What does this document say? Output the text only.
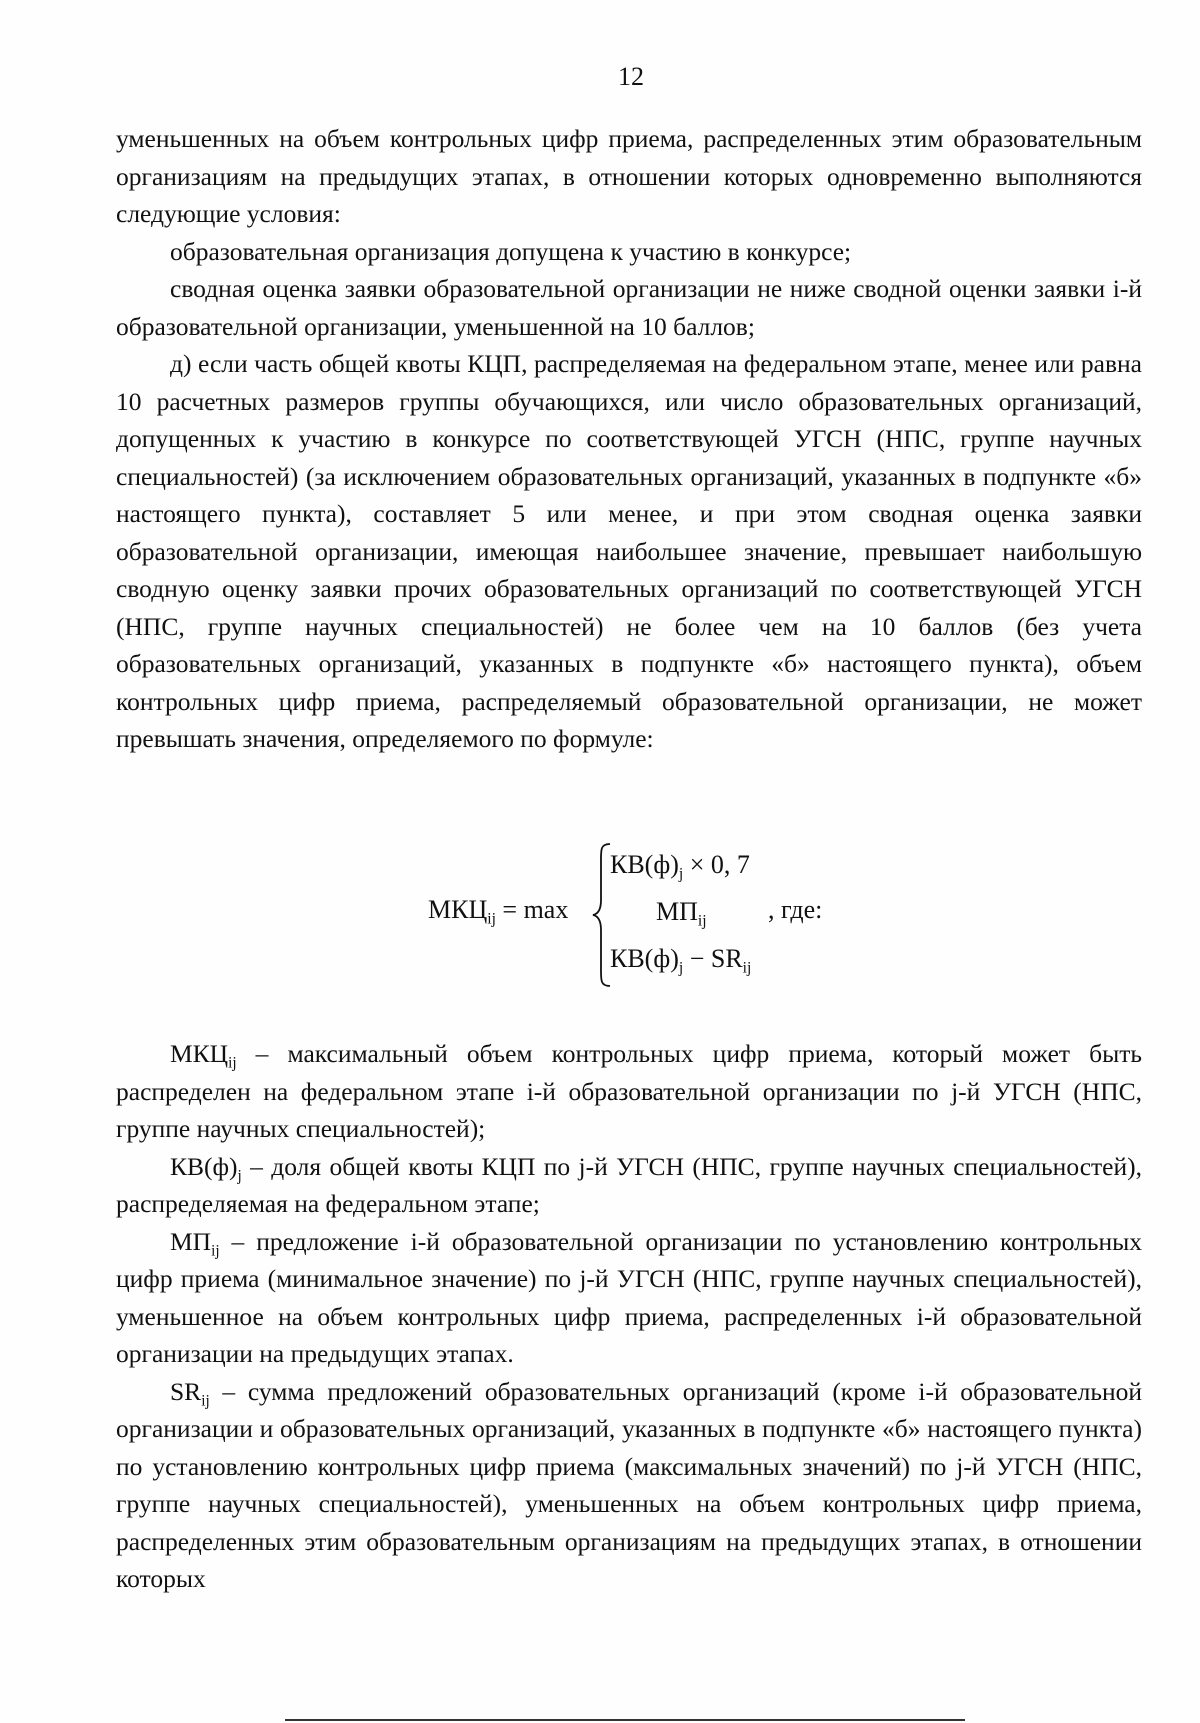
12

уменьшенных на объем контрольных цифр приема, распределенных этим образовательным организациям на предыдущих этапах, в отношении которых одновременно выполняются следующие условия:

образовательная организация допущена к участию в конкурсе;

сводная оценка заявки образовательной организации не ниже сводной оценки заявки i-й образовательной организации, уменьшенной на 10 баллов;

д) если часть общей квоты КЦП, распределяемая на федеральном этапе, менее или равна 10 расчетных размеров группы обучающихся, или число образовательных организаций, допущенных к участию в конкурсе по соответствующей УГСН (НПС, группе научных специальностей) (за исключением образовательных организаций, указанных в подпункте «б» настоящего пункта), составляет 5 или менее, и при этом сводная оценка заявки образовательной организации, имеющая наибольшее значение, превышает наибольшую сводную оценку заявки прочих образовательных организаций по соответствующей УГСН (НПС, группе научных специальностей) не более чем на 10 баллов (без учета образовательных организаций, указанных в подпункте «б» настоящего пункта), объем контрольных цифр приема, распределяемый образовательной организации, не может превышать значения, определяемого по формуле:

$МКЦ_{ij} = \max$
$КВ(ф)_j \times 0$, 7
$МП_{ij}$
$КВ(ф)_j - SR_{ij}$
, где:

$МКЦ_{ij}$ – максимальный объем контрольных цифр приема, который может быть распределен на федеральном этапе i-й образовательной организации по j-й УГСН (НПС, группе научных специальностей);

$КВ(ф)_j$ – доля общей квоты КЦП по j-й УГСН (НПС, группе научных специальностей), распределяемая на федеральном этапе;

$МП_{ij}$ – предложение i-й образовательной организации по установлению контрольных цифр приема (минимальное значение) по j-й УГСН (НПС, группе научных специальностей), уменьшенное на объем контрольных цифр приема, распределенных i-й образовательной организации на предыдущих этапах.

$SR_{ij}$ – сумма предложений образовательных организаций (кроме i-й образовательной организации и образовательных организаций, указанных в подпункте «б» настоящего пункта) по установлению контрольных цифр приема (максимальных значений) по j-й УГСН (НПС, группе научных специальностей), уменьшенных на объем контрольных цифр приема, распределенных этим образовательным организациям на предыдущих этапах, в отношении которых
